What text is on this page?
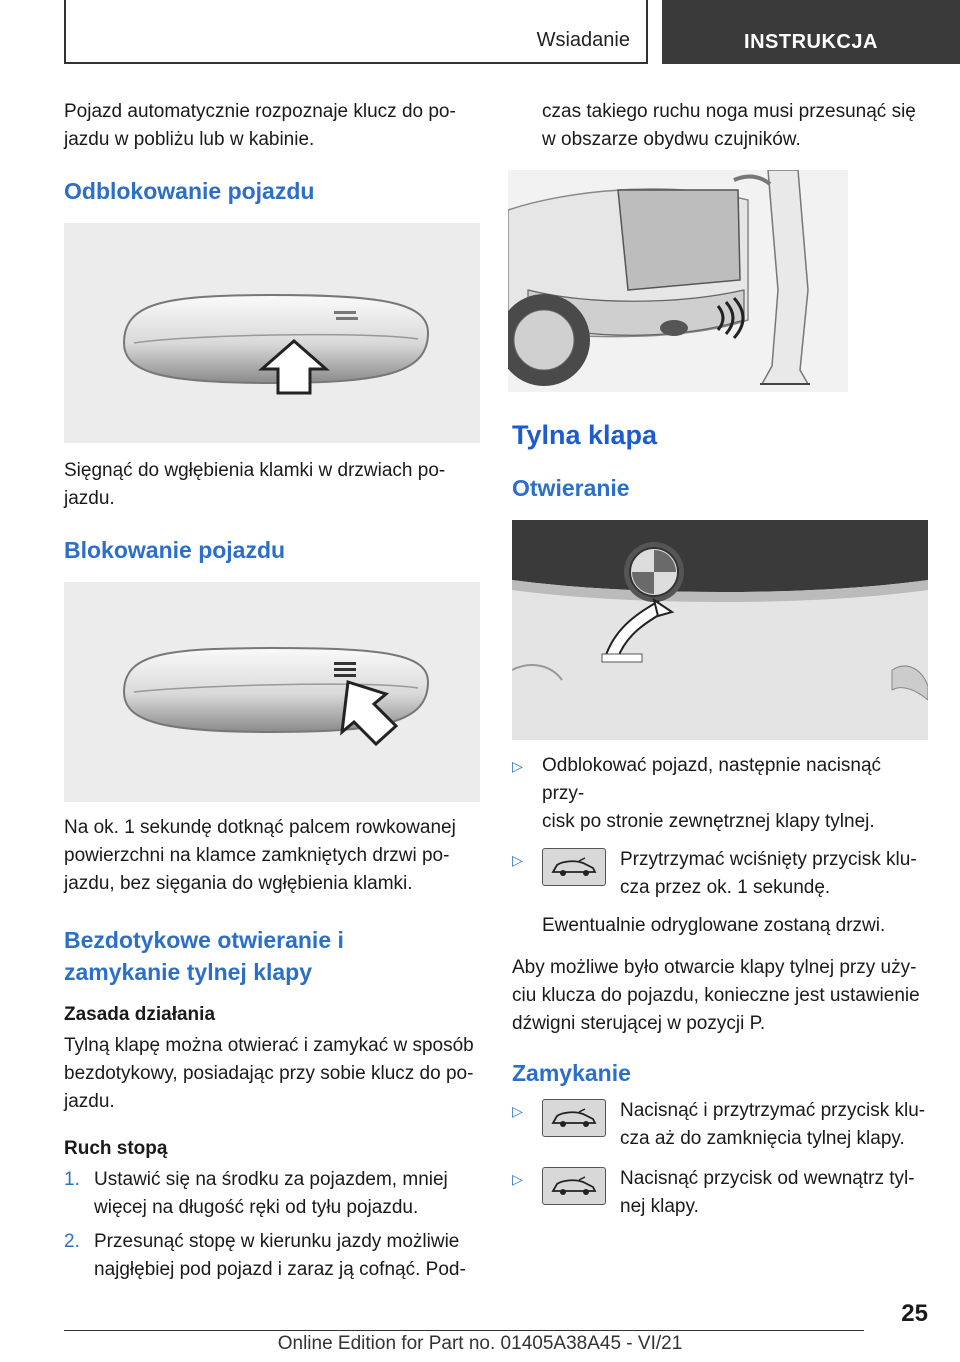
Wsiadanie	INSTRUKCJA

Pojazd automatycznie rozpoznaje klucz do po-
jazdu w pobliżu lub w kabinie.

Odblokowanie pojazdu

Sięgnąć do wgłębienia klamki w drzwiach po-
jazdu.

Blokowanie pojazdu

Na ok. 1 sekundę dotknąć palcem rowkowanej
powierzchni na klamce zamkniętych drzwi po-
jazdu, bez sięgania do wgłębienia klamki.

Bezdotykowe otwieranie i
zamykanie tylnej klapy
Zasada działania

Tylną klapę można otwierać i zamykać w sposób
bezdotykowy, posiadając przy sobie klucz do po-
jazdu.

Ruch stopą
1. Ustawić się na środku za pojazdem, mniej
więcej na długość ręki od tyłu pojazdu.
2. Przesunąć stopę w kierunku jazdy możliwie
najgłębiej pod pojazd i zaraz ją cofnąć. Pod-

czas takiego ruchu noga musi przesunąć się
w obszarze obydwu czujników.

Tylna klapa
Otwieranie
▷	Odblokować pojazd, następnie nacisnąć przy-
cisk po stronie zewnętrznej klapy tylnej.
▷	Przytrzymać wciśnięty przycisk klu-
cza przez ok. 1 sekundę.

Ewentualnie odryglowane zostaną drzwi.

Aby możliwe było otwarcie klapy tylnej przy uży-
ciu klucza do pojazdu, konieczne jest ustawienie
dźwigni sterującej w pozycji P.

Zamykanie
▷	Nacisnąć i przytrzymać przycisk klu-
cza aż do zamknięcia tylnej klapy.
▷	Nacisnąć przycisk od wewnątrz tyl-
nej klapy.
25
Online Edition for Part no. 01405A38A45 - VI/21
